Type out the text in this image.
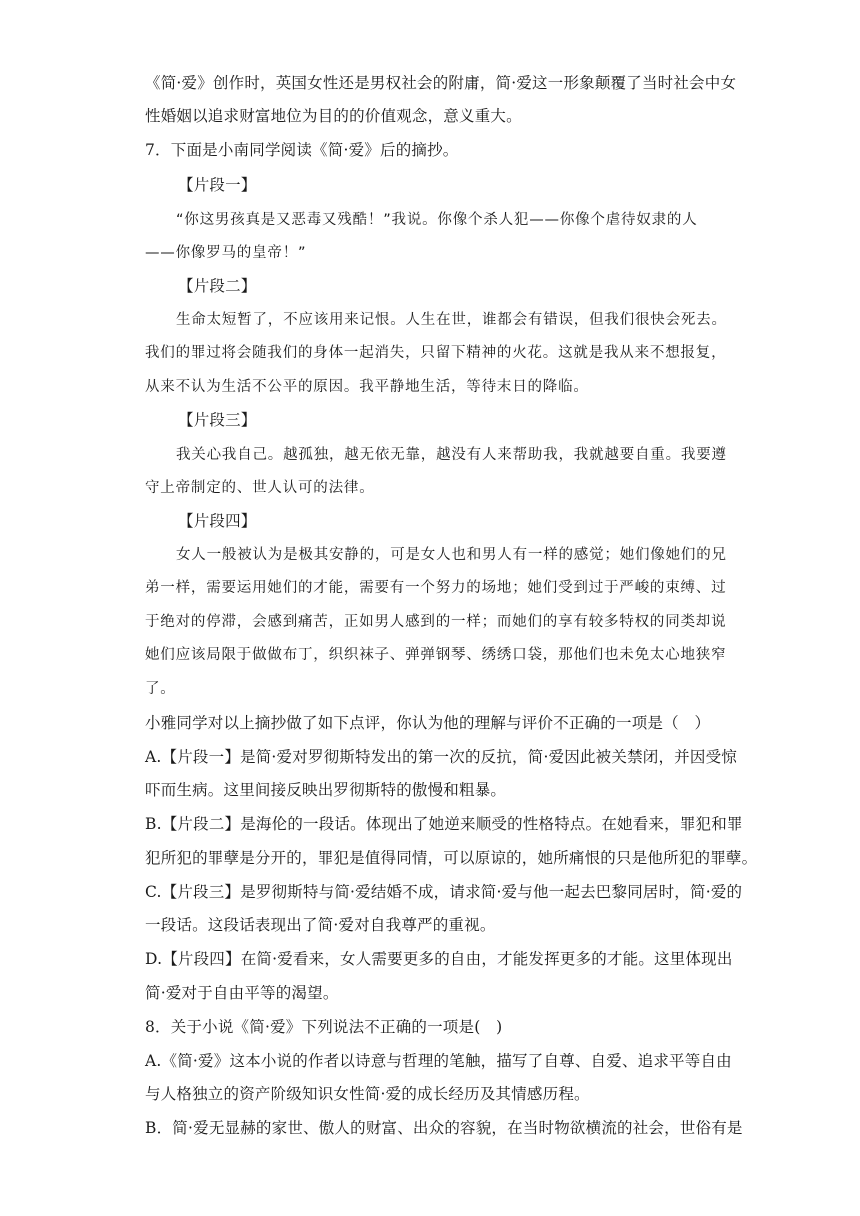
《简·爱》创作时，英国女性还是男权社会的附庸，简·爱这一形象颠覆了当时社会中女
性婚姻以追求财富地位为目的的价值观念，意义重大。
7．下面是小南同学阅读《简·爱》后的摘抄。
【片段一】
“你这男孩真是又恶毒又残酷！”我说。你像个杀人犯——你像个虐待奴隶的人
——你像罗马的皇帝！”
【片段二】
生命太短暂了，不应该用来记恨。人生在世，谁都会有错误，但我们很快会死去。
我们的罪过将会随我们的身体一起消失，只留下精神的火花。这就是我从来不想报复，
从来不认为生活不公平的原因。我平静地生活，等待末日的降临。
【片段三】
我关心我自己。越孤独，越无依无靠，越没有人来帮助我，我就越要自重。我要遵
守上帝制定的、世人认可的法律。
【片段四】
女人一般被认为是极其安静的，可是女人也和男人有一样的感觉；她们像她们的兄
弟一样，需要运用她们的才能，需要有一个努力的场地；她们受到过于严峻的束缚、过
于绝对的停滞，会感到痛苦，正如男人感到的一样；而她们的享有较多特权的同类却说
她们应该局限于做做布丁，织织袜子、弹弹钢琴、绣绣口袋，那他们也未免太心地狭窄
了。
小雅同学对以上摘抄做了如下点评，你认为他的理解与评价不正确的一项是（　）
A.【片段一】是简·爱对罗彻斯特发出的第一次的反抗，简·爱因此被关禁闭，并因受惊
吓而生病。这里间接反映出罗彻斯特的傲慢和粗暴。
B.【片段二】是海伦的一段话。体现出了她逆来顺受的性格特点。在她看来，罪犯和罪
犯所犯的罪孽是分开的，罪犯是值得同情，可以原谅的，她所痛恨的只是他所犯的罪孽。
C.【片段三】是罗彻斯特与简·爱结婚不成，请求简·爱与他一起去巴黎同居时，简·爱的
一段话。这段话表现出了简·爱对自我尊严的重视。
D.【片段四】在简·爱看来，女人需要更多的自由，才能发挥更多的才能。这里体现出
简·爱对于自由平等的渴望。
8．关于小说《简·爱》下列说法不正确的一项是(　)
A.《简·爱》这本小说的作者以诗意与哲理的笔触，描写了自尊、自爱、追求平等自由
与人格独立的资产阶级知识女性简·爱的成长经历及其情感历程。
B．简·爱无显赫的家世、傲人的财富、出众的容貌，在当时物欲横流的社会，世俗有是
